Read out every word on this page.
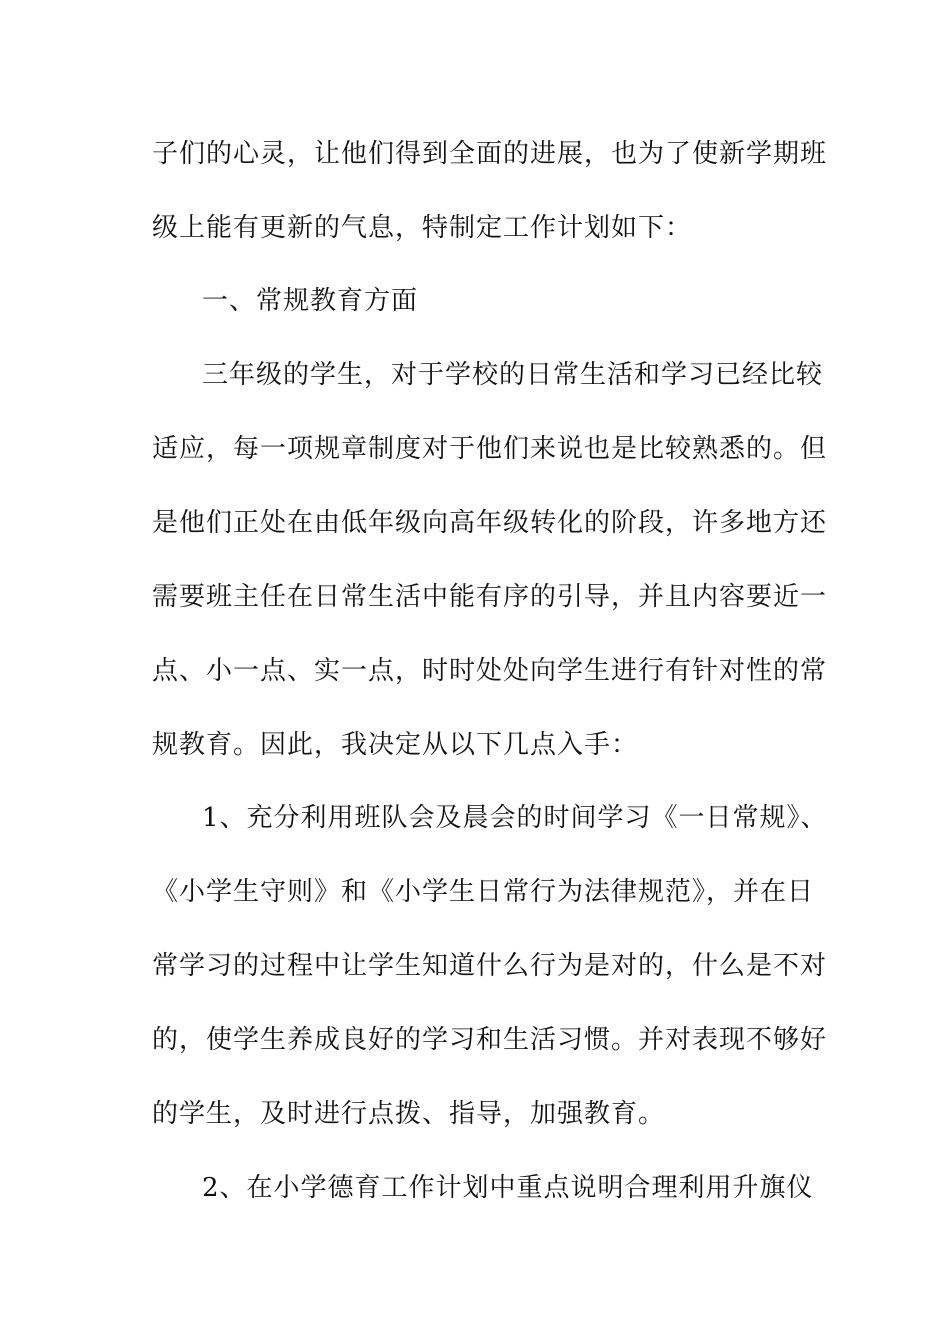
子们的心灵，让他们得到全面的进展，也为了使新学期班
级上能有更新的气息，特制定工作计划如下：
一、常规教育方面
三年级的学生，对于学校的日常生活和学习已经比较
适应，每一项规章制度对于他们来说也是比较熟悉的。但
是他们正处在由低年级向高年级转化的阶段，许多地方还
需要班主任在日常生活中能有序的引导，并且内容要近一
点、小一点、实一点，时时处处向学生进行有针对性的常
规教育。因此，我决定从以下几点入手：
1、充分利用班队会及晨会的时间学习《一日常规》、
《小学生守则》和《小学生日常行为法律规范》，并在日
常学习的过程中让学生知道什么行为是对的，什么是不对
的，使学生养成良好的学习和生活习惯。并对表现不够好
的学生，及时进行点拨、指导，加强教育。
2、在小学德育工作计划中重点说明合理利用升旗仪
